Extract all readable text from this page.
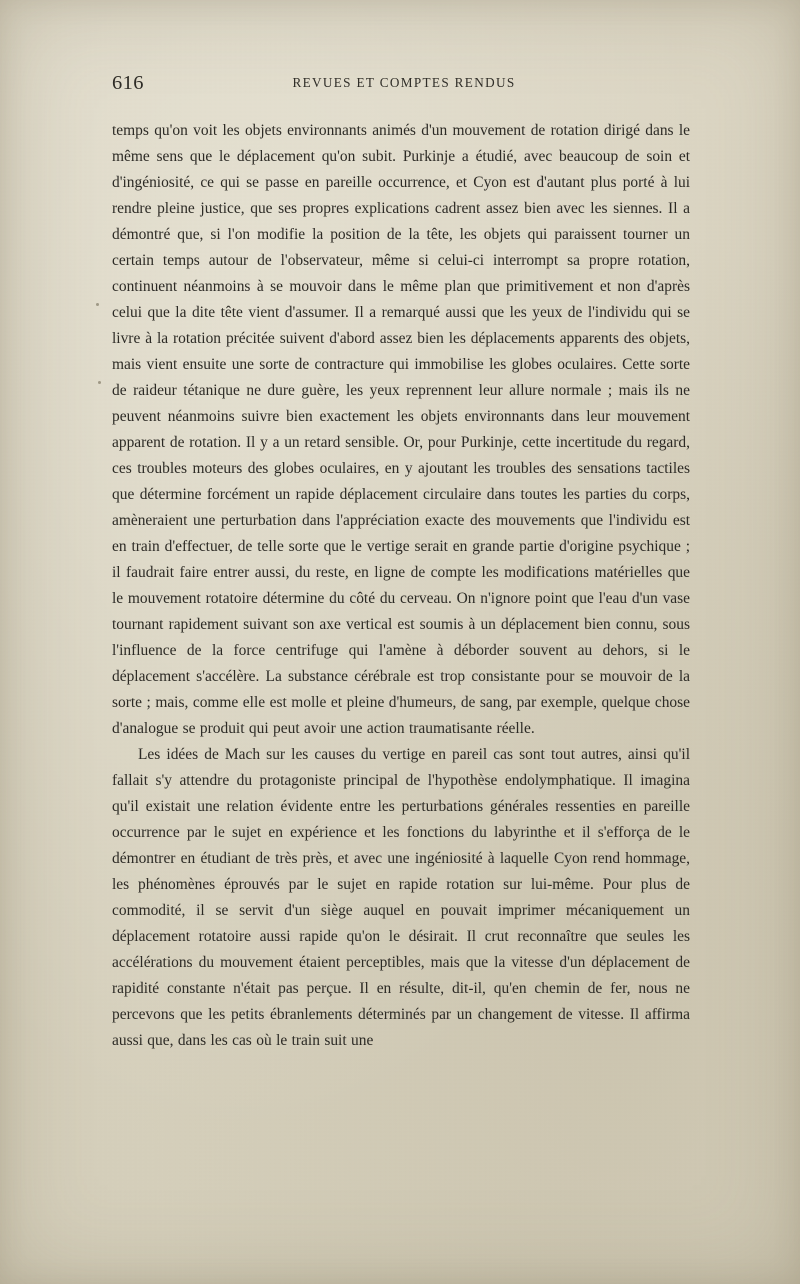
616	REVUES ET COMPTES RENDUS

temps qu'on voit les objets environnants animés d'un mouvement de rotation dirigé dans le même sens que le déplacement qu'on subit. Purkinje a étudié, avec beaucoup de soin et d'ingéniosité, ce qui se passe en pareille occurrence, et Cyon est d'autant plus porté à lui rendre pleine justice, que ses propres explications cadrent assez bien avec les siennes. Il a démontré que, si l'on modifie la position de la tête, les objets qui paraissent tourner un certain temps autour de l'observateur, même si celui-ci interrompt sa propre rotation, continuent néanmoins à se mouvoir dans le même plan que primitivement et non d'après celui que la dite tête vient d'assumer. Il a remarqué aussi que les yeux de l'individu qui se livre à la rotation précitée suivent d'abord assez bien les déplacements apparents des objets, mais vient ensuite une sorte de contracture qui immobilise les globes oculaires. Cette sorte de raideur tétanique ne dure guère, les yeux reprennent leur allure normale ; mais ils ne peuvent néanmoins suivre bien exactement les objets environnants dans leur mouvement apparent de rotation. Il y a un retard sensible. Or, pour Purkinje, cette incertitude du regard, ces troubles moteurs des globes oculaires, en y ajoutant les troubles des sensations tactiles que détermine forcément un rapide déplacement circulaire dans toutes les parties du corps, amèneraient une perturbation dans l'appréciation exacte des mouvements que l'individu est en train d'effectuer, de telle sorte que le vertige serait en grande partie d'origine psychique ; il faudrait faire entrer aussi, du reste, en ligne de compte les modifications matérielles que le mouvement rotatoire détermine du côté du cerveau. On n'ignore point que l'eau d'un vase tournant rapidement suivant son axe vertical est soumis à un déplacement bien connu, sous l'influence de la force centrifuge qui l'amène à déborder souvent au dehors, si le déplacement s'accélère. La substance cérébrale est trop consistante pour se mouvoir de la sorte ; mais, comme elle est molle et pleine d'humeurs, de sang, par exemple, quelque chose d'analogue se produit qui peut avoir une action traumatisante réelle.

Les idées de Mach sur les causes du vertige en pareil cas sont tout autres, ainsi qu'il fallait s'y attendre du protagoniste principal de l'hypothèse endolymphatique. Il imagina qu'il existait une relation évidente entre les perturbations générales ressenties en pareille occurrence par le sujet en expérience et les fonctions du labyrinthe et il s'efforça de le démontrer en étudiant de très près, et avec une ingéniosité à laquelle Cyon rend hommage, les phénomènes éprouvés par le sujet en rapide rotation sur lui-même. Pour plus de commodité, il se servit d'un siège auquel en pouvait imprimer mécaniquement un déplacement rotatoire aussi rapide qu'on le désirait. Il crut reconnaître que seules les accélérations du mouvement étaient perceptibles, mais que la vitesse d'un déplacement de rapidité constante n'était pas perçue. Il en résulte, dit-il, qu'en chemin de fer, nous ne percevons que les petits ébranlements déterminés par un changement de vitesse. Il affirma aussi que, dans les cas où le train suit une
